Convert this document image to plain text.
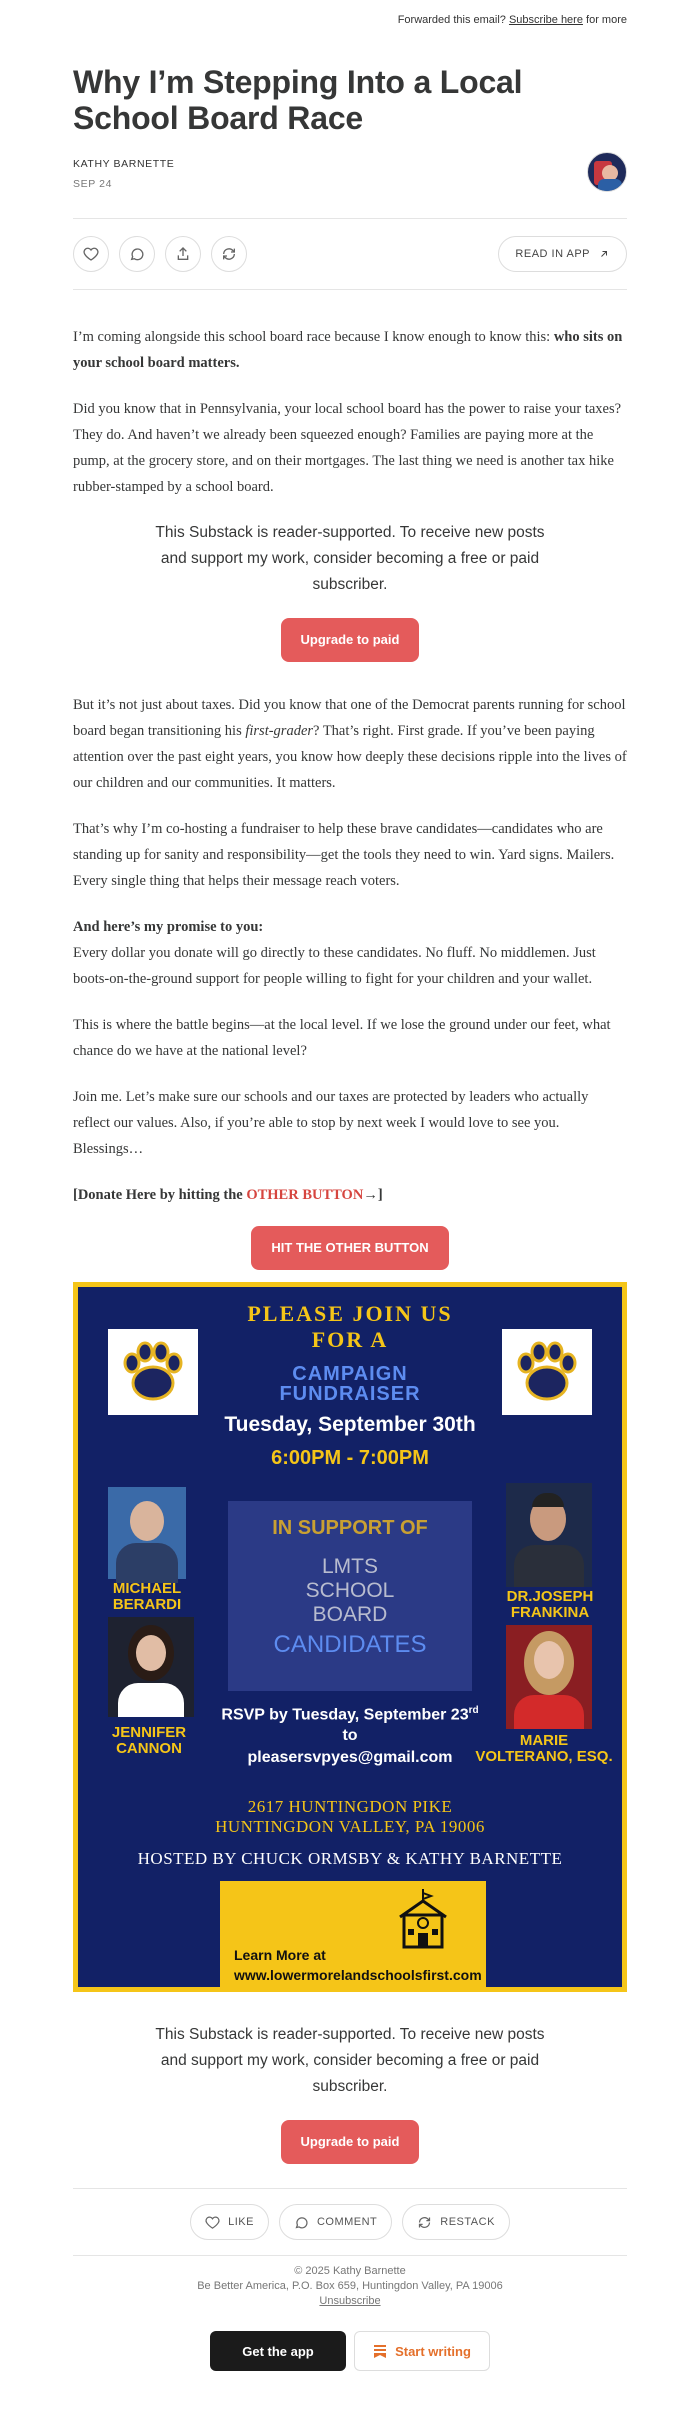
Forwarded this email? Subscribe here for more
Why I’m Stepping Into a Local School Board Race
KATHY BARNETTE
SEP 24
READ IN APP

I’m coming alongside this school board race because I know enough to know this: who sits on your school board matters.

Did you know that in Pennsylvania, your local school board has the power to raise your taxes? They do. And haven’t we already been squeezed enough? Families are paying more at the pump, at the grocery store, and on their mortgages. The last thing we need is another tax hike rubber-stamped by a school board.

This Substack is reader-supported. To receive new posts and support my work, consider becoming a free or paid subscriber.
Upgrade to paid

But it’s not just about taxes. Did you know that one of the Democrat parents running for school board began transitioning his first-grader? That’s right. First grade. If you’ve been paying attention over the past eight years, you know how deeply these decisions ripple into the lives of our children and our communities. It matters.

That’s why I’m co-hosting a fundraiser to help these brave candidates—candidates who are standing up for sanity and responsibility—get the tools they need to win. Yard signs. Mailers. Every single thing that helps their message reach voters.

And here’s my promise to you:
Every dollar you donate will go directly to these candidates. No fluff. No middlemen. Just boots-on-the-ground support for people willing to fight for your children and your wallet.

This is where the battle begins—at the local level. If we lose the ground under our feet, what chance do we have at the national level?

Join me. Let’s make sure our schools and our taxes are protected by leaders who actually reflect our values. Also, if you’re able to stop by next week I would love to see you. Blessings…

[Donate Here by hitting the OTHER BUTTON→]

HIT THE OTHER BUTTON
PLEASE JOIN US
FOR A
CAMPAIGN
FUNDRAISER
Tuesday, September 30th
6:00PM - 7:00PM
MICHAEL
BERARDI
JENNIFER
CANNON
DR.JOSEPH
FRANKINA
MARIE
VOLTERANO, ESQ.
IN SUPPORT OF
LMTS
SCHOOL
BOARD
CANDIDATES
RSVP by Tuesday, September 23rd
to
pleasersvpyes@gmail.com
2617 HUNTINGDON PIKE
HUNTINGDON VALLEY, PA 19006
HOSTED BY CHUCK ORMSBY & KATHY BARNETTE
Learn More at
www.lowermorelandschoolsfirst.com
This Substack is reader-supported. To receive new posts and support my work, consider becoming a free or paid subscriber.
Upgrade to paid
LIKE	COMMENT	RESTACK
© 2025 Kathy Barnette
Be Better America, P.O. Box 659, Huntingdon Valley, PA 19006
Unsubscribe
Get the app	Start writing
